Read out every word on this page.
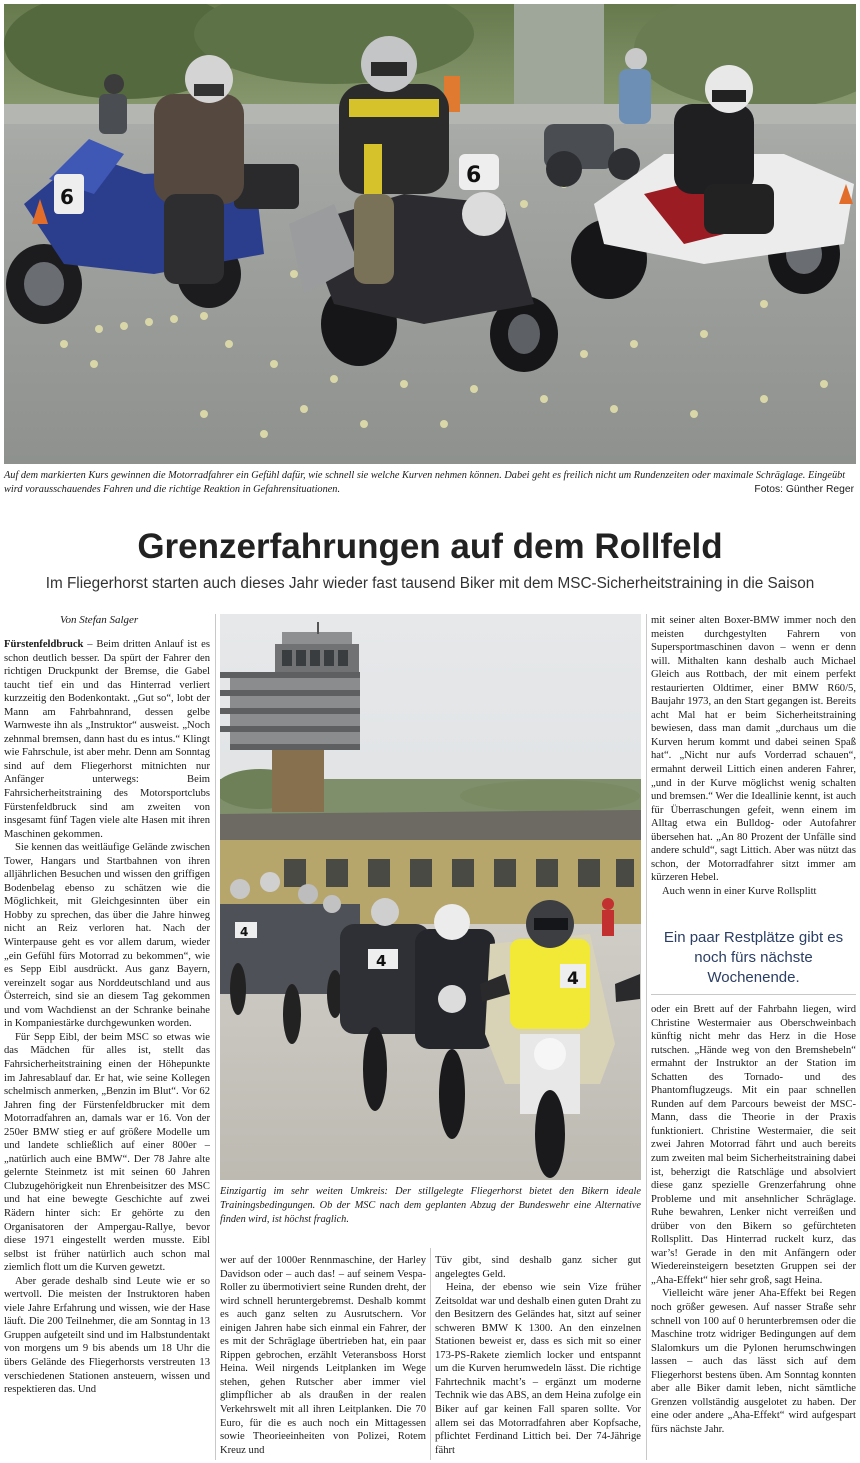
6
6
Auf dem markierten Kurs gewinnen die Motorradfahrer ein Gefühl dafür, wie schnell sie welche Kurven nehmen können. Dabei geht es freilich nicht um Rundenzeiten oder maximale Schräglage. Eingeübt wird vorausschauendes Fahren und die richtige Reaktion in Gefahrensituationen.	Fotos: Günther Reger
Grenzerfahrungen auf dem Rollfeld
Im Fliegerhorst starten auch dieses Jahr wieder fast tausend Biker mit dem MSC-Sicherheitstraining in die Saison
Von Stefan Salger

Fürstenfeldbruck – Beim dritten Anlauf ist es schon deutlich besser. Da spürt der Fahrer den richtigen Druckpunkt der Bremse, die Gabel taucht tief ein und das Hinterrad verliert kurzzeitig den Bodenkontakt. „Gut so“, lobt der Mann am Fahrbahnrand, dessen gelbe Warnweste ihn als „Instruktor“ ausweist. „Noch zehnmal bremsen, dann hast du es intus.“ Klingt wie Fahrschule, ist aber mehr. Denn am Sonntag sind auf dem Fliegerhorst mitnichten nur Anfänger unterwegs: Beim Fahrsicherheitstraining des Motorsportclubs Fürstenfeldbruck sind am zweiten von insgesamt fünf Tagen viele alte Hasen mit ihren Maschinen gekommen.

Sie kennen das weitläufige Gelände zwischen Tower, Hangars und Startbahnen von ihren alljährlichen Besuchen und wissen den griffigen Bodenbelag ebenso zu schätzen wie die Möglichkeit, mit Gleichgesinnten über ein Hobby zu sprechen, das über die Jahre hinweg nicht an Reiz verloren hat. Nach der Winterpause geht es vor allem darum, wieder „ein Gefühl fürs Motorrad zu bekommen“, wie es Sepp Eibl ausdrückt. Aus ganz Bayern, vereinzelt sogar aus Norddeutschland und aus Österreich, sind sie an diesem Tag gekommen und vom Wachdienst an der Schranke beinahe in Kompaniestärke durchgewunken worden.

Für Sepp Eibl, der beim MSC so etwas wie das Mädchen für alles ist, stellt das Fahrsicherheitstraining einen der Höhepunkte im Jahresablauf dar. Er hat, wie seine Kollegen schelmisch anmerken, „Benzin im Blut“. Vor 62 Jahren fing der Fürstenfeldbrucker mit dem Motorradfahren an, damals war er 16. Von der 250er BMW stieg er auf größere Modelle um und landete schließlich auf einer 800er – „natürlich auch eine BMW“. Der 78 Jahre alte gelernte Steinmetz ist mit seinen 60 Jahren Clubzugehörigkeit nun Ehrenbeisitzer des MSC und hat eine bewegte Geschichte auf zwei Rädern hinter sich: Er gehörte zu den Organisatoren der Ampergau-Rallye, bevor diese 1971 eingestellt werden musste. Eibl selbst ist früher natürlich auch schon mal ziemlich flott um die Kurven gewetzt.

Aber gerade deshalb sind Leute wie er so wertvoll. Die meisten der Instruktoren haben viele Jahre Erfahrung und wissen, wie der Hase läuft. Die 200 Teilnehmer, die am Sonntag in 13 Gruppen aufgeteilt sind und im Halbstundentakt von morgens um 9 bis abends um 18 Uhr die übers Gelände des Fliegerhorsts verstreuten 13 verschiedenen Stationen ansteuern, wissen und respektieren das. Und

4
4
4
Einzigartig im sehr weiten Umkreis: Der stillgelegte Fliegerhorst bietet den Bikern ideale Trainingsbedingungen. Ob der MSC nach dem geplanten Abzug der Bundeswehr eine Alternative finden wird, ist höchst fraglich.

wer auf der 1000er Rennmaschine, der Harley Davidson oder – auch das! – auf seinem Vespa-Roller zu übermotiviert seine Runden dreht, der wird schnell heruntergebremst. Deshalb kommt es auch ganz selten zu Ausrutschern. Vor einigen Jahren habe sich einmal ein Fahrer, der es mit der Schräglage übertrieben hat, ein paar Rippen gebrochen, erzählt Veteransboss Horst Heina. Weil nirgends Leitplanken im Wege stehen, gehen Rutscher aber immer viel glimpflicher ab als draußen in der realen Verkehrswelt mit all ihren Leitplanken. Die 70 Euro, für die es auch noch ein Mittagessen sowie Theorieeinheiten von Polizei, Rotem Kreuz und

Tüv gibt, sind deshalb ganz sicher gut angelegtes Geld.

Heina, der ebenso wie sein Vize früher Zeitsoldat war und deshalb einen guten Draht zu den Besitzern des Geländes hat, sitzt auf seiner schweren BMW K 1300. An den einzelnen Stationen beweist er, dass es sich mit so einer 173-PS-Rakete ziemlich locker und entspannt um die Kurven herumwedeln lässt. Die richtige Fahrtechnik macht’s – ergänzt um moderne Technik wie das ABS, an dem Heina zufolge ein Biker auf gar keinen Fall sparen sollte. Vor allem sei das Motorradfahren aber Kopfsache, pflichtet Ferdinand Littich bei. Der 74-Jährige fährt

mit seiner alten Boxer-BMW immer noch den meisten durchgestylten Fahrern von Supersportmaschinen davon – wenn er denn will. Mithalten kann deshalb auch Michael Gleich aus Rottbach, der mit einem perfekt restaurierten Oldtimer, einer BMW R60/5, Baujahr 1973, an den Start gegangen ist. Bereits acht Mal hat er beim Sicherheitstraining bewiesen, dass man damit „durchaus um die Kurven herum kommt und dabei seinen Spaß hat“. „Nicht nur aufs Vorderrad schauen“, ermahnt derweil Littich einen anderen Fahrer, „und in der Kurve möglichst wenig schalten und bremsen.“ Wer die Ideallinie kennt, ist auch für Überraschungen gefeit, wenn einem im Alltag etwa ein Bulldog- oder Autofahrer übersehen hat. „An 80 Prozent der Unfälle sind andere schuld“, sagt Littich. Aber was nützt das schon, der Motorradfahrer sitzt immer am kürzeren Hebel.

Auch wenn in einer Kurve Rollsplitt

Ein paar Restplätze gibt es noch fürs nächste Wochenende.

oder ein Brett auf der Fahrbahn liegen, wird Christine Westermaier aus Oberschweinbach künftig nicht mehr das Herz in die Hose rutschen. „Hände weg von den Bremshebeln“ ermahnt der Instruktor an der Station im Schatten des Tornado- und des Phantomflugzeugs. Mit ein paar schnellen Runden auf dem Parcours beweist der MSC-Mann, dass die Theorie in der Praxis funktioniert. Christine Westermaier, die seit zwei Jahren Motorrad fährt und auch bereits zum zweiten mal beim Sicherheitstraining dabei ist, beherzigt die Ratschläge und absolviert diese ganz spezielle Grenzerfahrung ohne Probleme und mit ansehnlicher Schräglage. Ruhe bewahren, Lenker nicht verreißen und drüber von den Bikern so gefürchteten Rollsplitt. Das Hinterrad ruckelt kurz, das war’s! Gerade in den mit Anfängern oder Wiedereinsteigern besetzten Gruppen sei der „Aha-Effekt“ hier sehr groß, sagt Heina.

Vielleicht wäre jener Aha-Effekt bei Regen noch größer gewesen. Auf nasser Straße sehr schnell von 100 auf 0 herunterbremsen oder die Maschine trotz widriger Bedingungen auf dem Slalomkurs um die Pylonen herumschwingen lassen – auch das lässt sich auf dem Fliegerhorst bestens üben. Am Sonntag konnten aber alle Biker damit leben, nicht sämtliche Grenzen vollständig ausgelotet zu haben. Der eine oder andere „Aha-Effekt“ wird aufgespart fürs nächste Jahr.
